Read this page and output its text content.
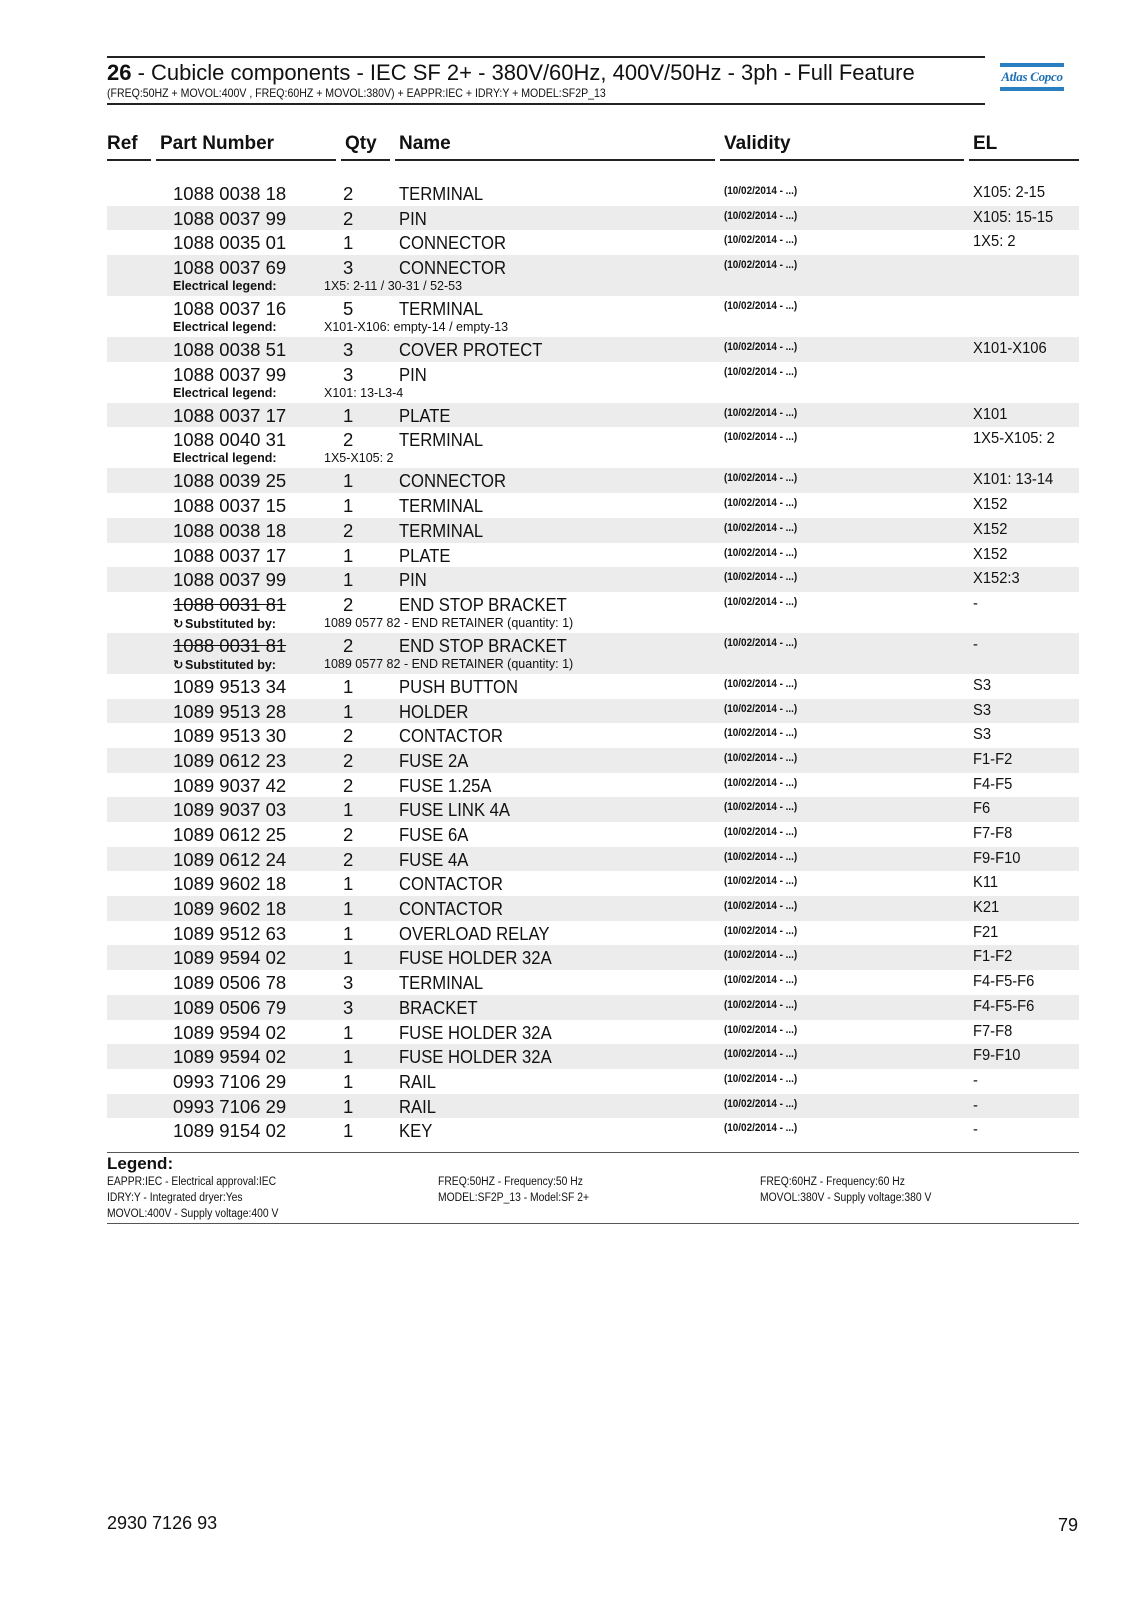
26 - Cubicle components - IEC SF 2+ - 380V/60Hz, 400V/50Hz - 3ph - Full Feature
(FREQ:50HZ + MOVOL:400V , FREQ:60HZ + MOVOL:380V) + EAPPR:IEC + IDRY:Y + MODEL:SF2P_13
Atlas Copco
Ref Part Number	Qty Name	Validity	EL
1088 0038 18	2 TERMINAL	(10/02/2014 - ...)	X105: 2-15
1088 0037 99	2 PIN	(10/02/2014 - ...)	X105: 15-15
1088 0035 01	1 CONNECTOR	(10/02/2014 - ...)	1X5: 2
1088 0037 69	3 CONNECTOR	(10/02/2014 - ...)
Electrical legend:	1X5: 2-11 / 30-31 / 52-53
1088 0037 16	5 TERMINAL	(10/02/2014 - ...)
Electrical legend:	X101-X106: empty-14 / empty-13
1088 0038 51	3 COVER PROTECT	(10/02/2014 - ...)	X101-X106
1088 0037 99	3 PIN	(10/02/2014 - ...)
Electrical legend:	X101: 13-L3-4
1088 0037 17	1 PLATE	(10/02/2014 - ...)	X101
1088 0040 31	2 TERMINAL	(10/02/2014 - ...)	1X5-X105: 2
Electrical legend:	1X5-X105: 2
1088 0039 25	1 CONNECTOR	(10/02/2014 - ...)	X101: 13-14
1088 0037 15	1 TERMINAL	(10/02/2014 - ...)	X152
1088 0038 18	2 TERMINAL	(10/02/2014 - ...)	X152
1088 0037 17	1 PLATE	(10/02/2014 - ...)	X152
1088 0037 99	1 PIN	(10/02/2014 - ...)	X152:3
1088 0031 81	2 END STOP BRACKET	(10/02/2014 - ...)	-
↻Substituted by:	1089 0577 82 - END RETAINER (quantity: 1)
1088 0031 81	2 END STOP BRACKET	(10/02/2014 - ...)	-
↻Substituted by:	1089 0577 82 - END RETAINER (quantity: 1)
1089 9513 34	1 PUSH BUTTON	(10/02/2014 - ...)	S3
1089 9513 28	1 HOLDER	(10/02/2014 - ...)	S3
1089 9513 30	2 CONTACTOR	(10/02/2014 - ...)	S3
1089 0612 23	2 FUSE 2A	(10/02/2014 - ...)	F1-F2
1089 9037 42	2 FUSE 1.25A	(10/02/2014 - ...)	F4-F5
1089 9037 03	1 FUSE LINK 4A	(10/02/2014 - ...)	F6
1089 0612 25	2 FUSE 6A	(10/02/2014 - ...)	F7-F8
1089 0612 24	2 FUSE 4A	(10/02/2014 - ...)	F9-F10
1089 9602 18	1 CONTACTOR	(10/02/2014 - ...)	K11
1089 9602 18	1 CONTACTOR	(10/02/2014 - ...)	K21
1089 9512 63	1 OVERLOAD RELAY	(10/02/2014 - ...)	F21
1089 9594 02	1 FUSE HOLDER 32A	(10/02/2014 - ...)	F1-F2
1089 0506 78	3 TERMINAL	(10/02/2014 - ...)	F4-F5-F6
1089 0506 79	3 BRACKET	(10/02/2014 - ...)	F4-F5-F6
1089 9594 02	1 FUSE HOLDER 32A	(10/02/2014 - ...)	F7-F8
1089 9594 02	1 FUSE HOLDER 32A	(10/02/2014 - ...)	F9-F10
0993 7106 29	1 RAIL	(10/02/2014 - ...)	-
0993 7106 29	1 RAIL	(10/02/2014 - ...)	-
1089 9154 02	1 KEY	(10/02/2014 - ...)	-
Legend:
EAPPR:IEC - Electrical approval:IEC
IDRY:Y - Integrated dryer:Yes
MOVOL:400V - Supply voltage:400 V
FREQ:50HZ - Frequency:50 Hz
MODEL:SF2P_13 - Model:SF 2+
FREQ:60HZ - Frequency:60 Hz
MOVOL:380V - Supply voltage:380 V
2930 7126 93	79
